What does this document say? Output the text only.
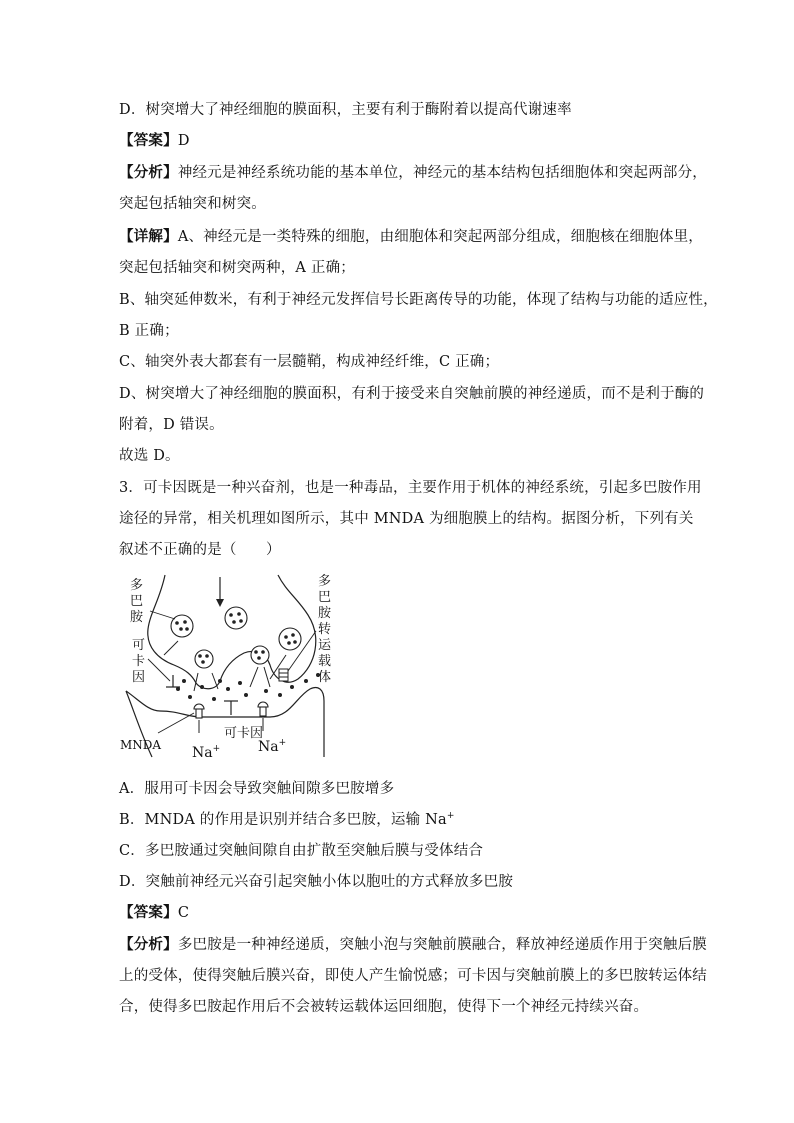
D．树突增大了神经细胞的膜面积，主要有利于酶附着以提高代谢速率
【答案】D
【分析】神经元是神经系统功能的基本单位，神经元的基本结构包括细胞体和突起两部分，
突起包括轴突和树突。
【详解】A、神经元是一类特殊的细胞，由细胞体和突起两部分组成，细胞核在细胞体里，
突起包括轴突和树突两种，A 正确；
B、轴突延伸数米，有利于神经元发挥信号长距离传导的功能，体现了结构与功能的适应性，
B 正确；
C、轴突外表大都套有一层髓鞘，构成神经纤维，C 正确；
D、树突增大了神经细胞的膜面积，有利于接受来自突触前膜的神经递质，而不是利于酶的
附着，D 错误。
故选 D。
3．可卡因既是一种兴奋剂，也是一种毒品，主要作用于机体的神经系统，引起多巴胺作用
途径的异常，相关机理如图所示，其中 MNDA 为细胞膜上的结构。据图分析，下列有关
叙述不正确的是（　　）
多
巴
胺
可
卡
因
多
巴
胺
转
运
载
体
MNDA Na+
可卡因
Na+
A．服用可卡因会导致突触间隙多巴胺增多
B．MNDA 的作用是识别并结合多巴胺，运输 Na+
C．多巴胺通过突触间隙自由扩散至突触后膜与受体结合
D．突触前神经元兴奋引起突触小体以胞吐的方式释放多巴胺
【答案】C
【分析】多巴胺是一种神经递质，突触小泡与突触前膜融合，释放神经递质作用于突触后膜
上的受体，使得突触后膜兴奋，即使人产生愉悦感；可卡因与突触前膜上的多巴胺转运体结
合，使得多巴胺起作用后不会被转运载体运回细胞，使得下一个神经元持续兴奋。
